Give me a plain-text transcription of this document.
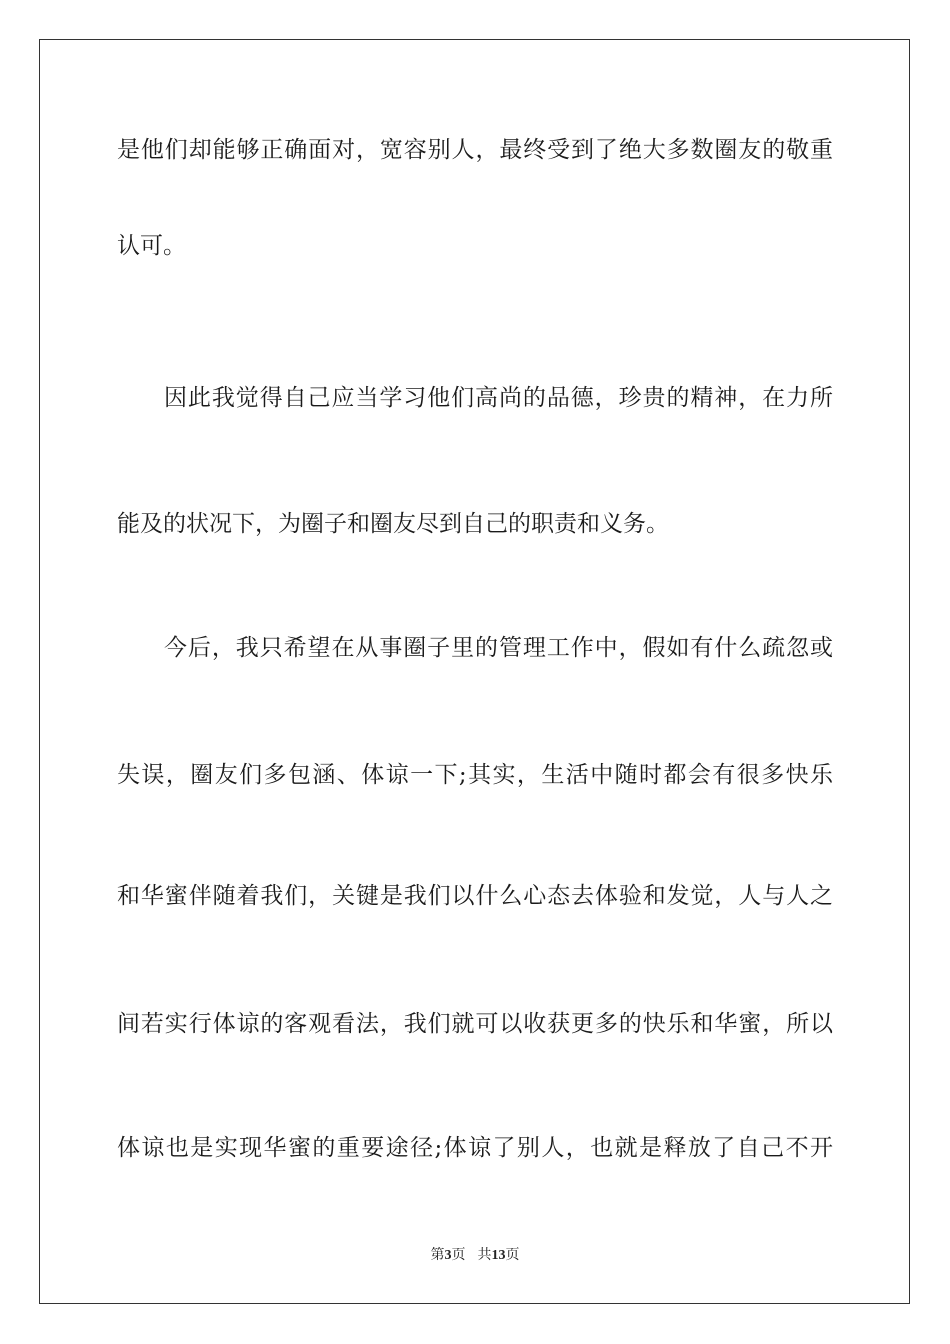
是他们却能够正确面对，宽容别人，最终受到了绝大多数圈友的敬重
认可。
因此我觉得自己应当学习他们高尚的品德，珍贵的精神，在力所
能及的状况下，为圈子和圈友尽到自己的职责和义务。
今后，我只希望在从事圈子里的管理工作中，假如有什么疏忽或
失误，圈友们多包涵、体谅一下;其实，生活中随时都会有很多快乐
和华蜜伴随着我们，关键是我们以什么心态去体验和发觉，人与人之
间若实行体谅的客观看法，我们就可以收获更多的快乐和华蜜，所以
体谅也是实现华蜜的重要途径;体谅了别人，也就是释放了自己不开
第3页 共13页
